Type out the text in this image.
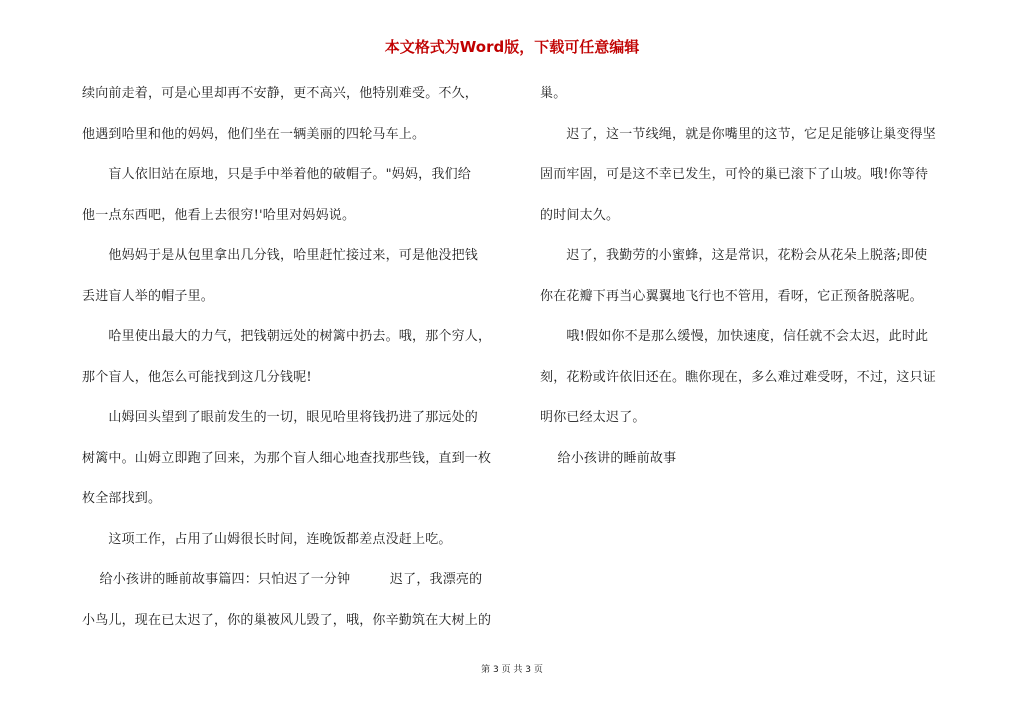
本文格式为Word版，下载可任意编辑
续向前走着，可是心里却再不安静，更不高兴，他特别难受。不久，
他遇到哈里和他的妈妈，他们坐在一辆美丽的四轮马车上。
　　盲人依旧站在原地，只是手中举着他的破帽子。"妈妈，我们给
他一点东西吧，他看上去很穷!'哈里对妈妈说。
　　他妈妈于是从包里拿出几分钱，哈里赶忙接过来，可是他没把钱
丢进盲人举的帽子里。
　　哈里使出最大的力气，把钱朝远处的树篱中扔去。哦，那个穷人，
那个盲人，他怎么可能找到这几分钱呢!
　　山姆回头望到了眼前发生的一切，眼见哈里将钱扔进了那远处的
树篱中。山姆立即跑了回来，为那个盲人细心地查找那些钱，直到一枚
枚全部找到。
　　这项工作，占用了山姆很长时间，连晚饭都差点没赶上吃。
　 给小孩讲的睡前故事篇四：只怕迟了一分钟　　　迟了，我漂亮的
小鸟儿，现在已太迟了，你的巢被风儿毁了，哦，你辛勤筑在大树上的
巢。
　　迟了，这一节线绳，就是你嘴里的这节，它足足能够让巢变得坚
固而牢固，可是这不幸已发生，可怜的巢已滚下了山坡。哦!你等待
的时间太久。
　　迟了，我勤劳的小蜜蜂，这是常识，花粉会从花朵上脱落;即使
你在花瓣下再当心翼翼地飞行也不管用，看呀，它正预备脱落呢。
　　哦!假如你不是那么缓慢，加快速度，信任就不会太迟，此时此
刻，花粉或许依旧还在。瞧你现在，多么难过难受呀，不过，这只证
明你已经太迟了。
　 给小孩讲的睡前故事
第 3 页 共 3 页
